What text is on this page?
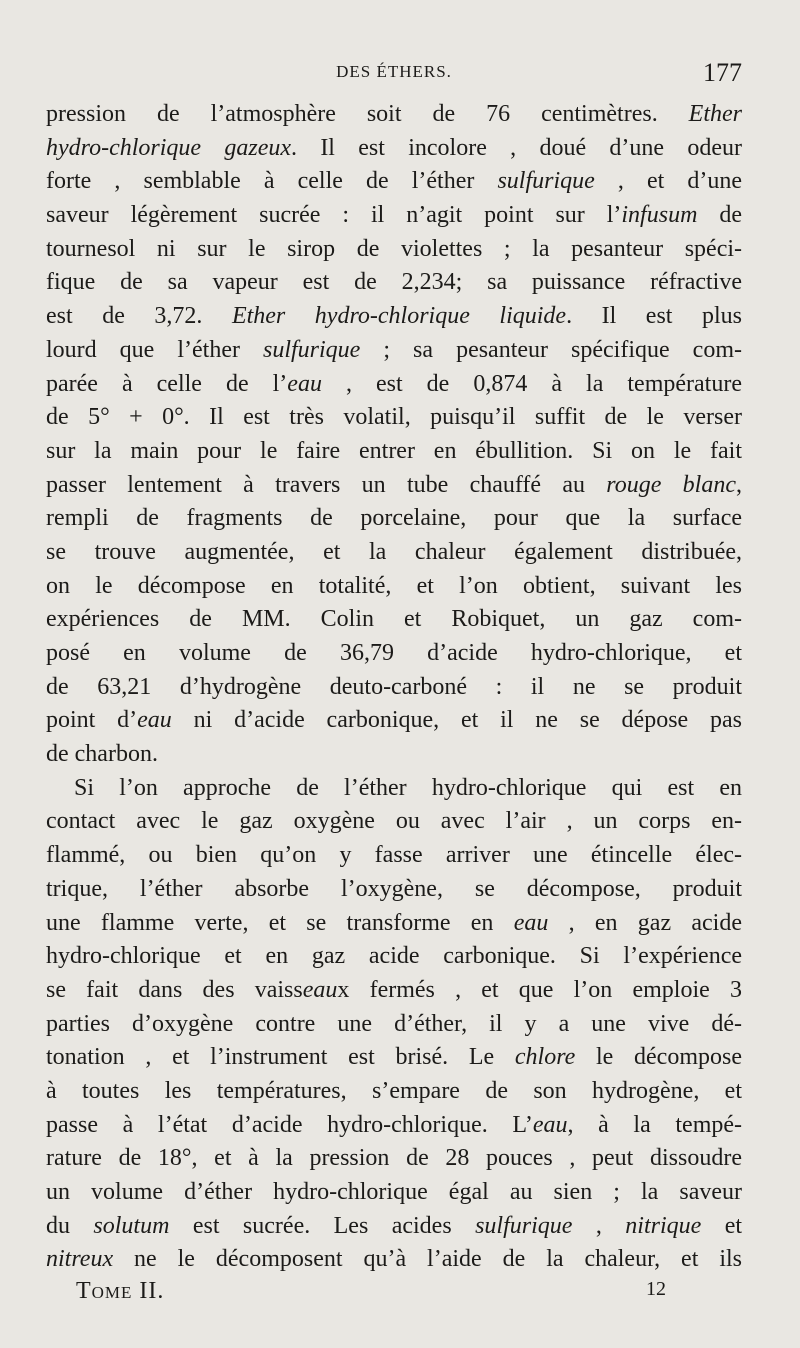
DES ÉTHERS.	177
pression de l’atmosphère soit de 76 centimètres. Ether
hydro-chlorique gazeux. Il est incolore , doué d’une odeur
forte , semblable à celle de l’éther sulfurique , et d’une
saveur légèrement sucrée : il n’agit point sur l’infusum de
tournesol ni sur le sirop de violettes ; la pesanteur spéci-
fique de sa vapeur est de 2,234; sa puissance réfractive
est de 3,72. Ether hydro-chlorique liquide. Il est plus
lourd que l’éther sulfurique ; sa pesanteur spécifique com-
parée à celle de l’eau , est de 0,874 à la température
de 5° + 0°. Il est très volatil, puisqu’il suffit de le verser
sur la main pour le faire entrer en ébullition. Si on le fait
passer lentement à travers un tube chauffé au rouge blanc,
rempli de fragments de porcelaine, pour que la surface
se trouve augmentée, et la chaleur également distribuée,
on le décompose en totalité, et l’on obtient, suivant les
expériences de MM. Colin et Robiquet, un gaz com-
posé en volume de 36,79 d’acide hydro-chlorique, et
de 63,21 d’hydrogène deuto-carboné : il ne se produit
point d’eau ni d’acide carbonique, et il ne se dépose pas
de charbon.
Si l’on approche de l’éther hydro-chlorique qui est en
contact avec le gaz oxygène ou avec l’air , un corps en-
flammé, ou bien qu’on y fasse arriver une étincelle élec-
trique, l’éther absorbe l’oxygène, se décompose, produit
une flamme verte, et se transforme en eau , en gaz acide
hydro-chlorique et en gaz acide carbonique. Si l’expérience
se fait dans des vaisseaux fermés , et que l’on emploie 3
parties d’oxygène contre une d’éther, il y a une vive dé-
tonation , et l’instrument est brisé. Le chlore le décompose
à toutes les températures, s’empare de son hydrogène, et
passe à l’état d’acide hydro-chlorique. L’eau, à la tempé-
rature de 18°, et à la pression de 28 pouces , peut dissoudre
un volume d’éther hydro-chlorique égal au sien ; la saveur
du solutum est sucrée. Les acides sulfurique , nitrique et
nitreux ne le décomposent qu’à l’aide de la chaleur, et ils
Tome II.	12
